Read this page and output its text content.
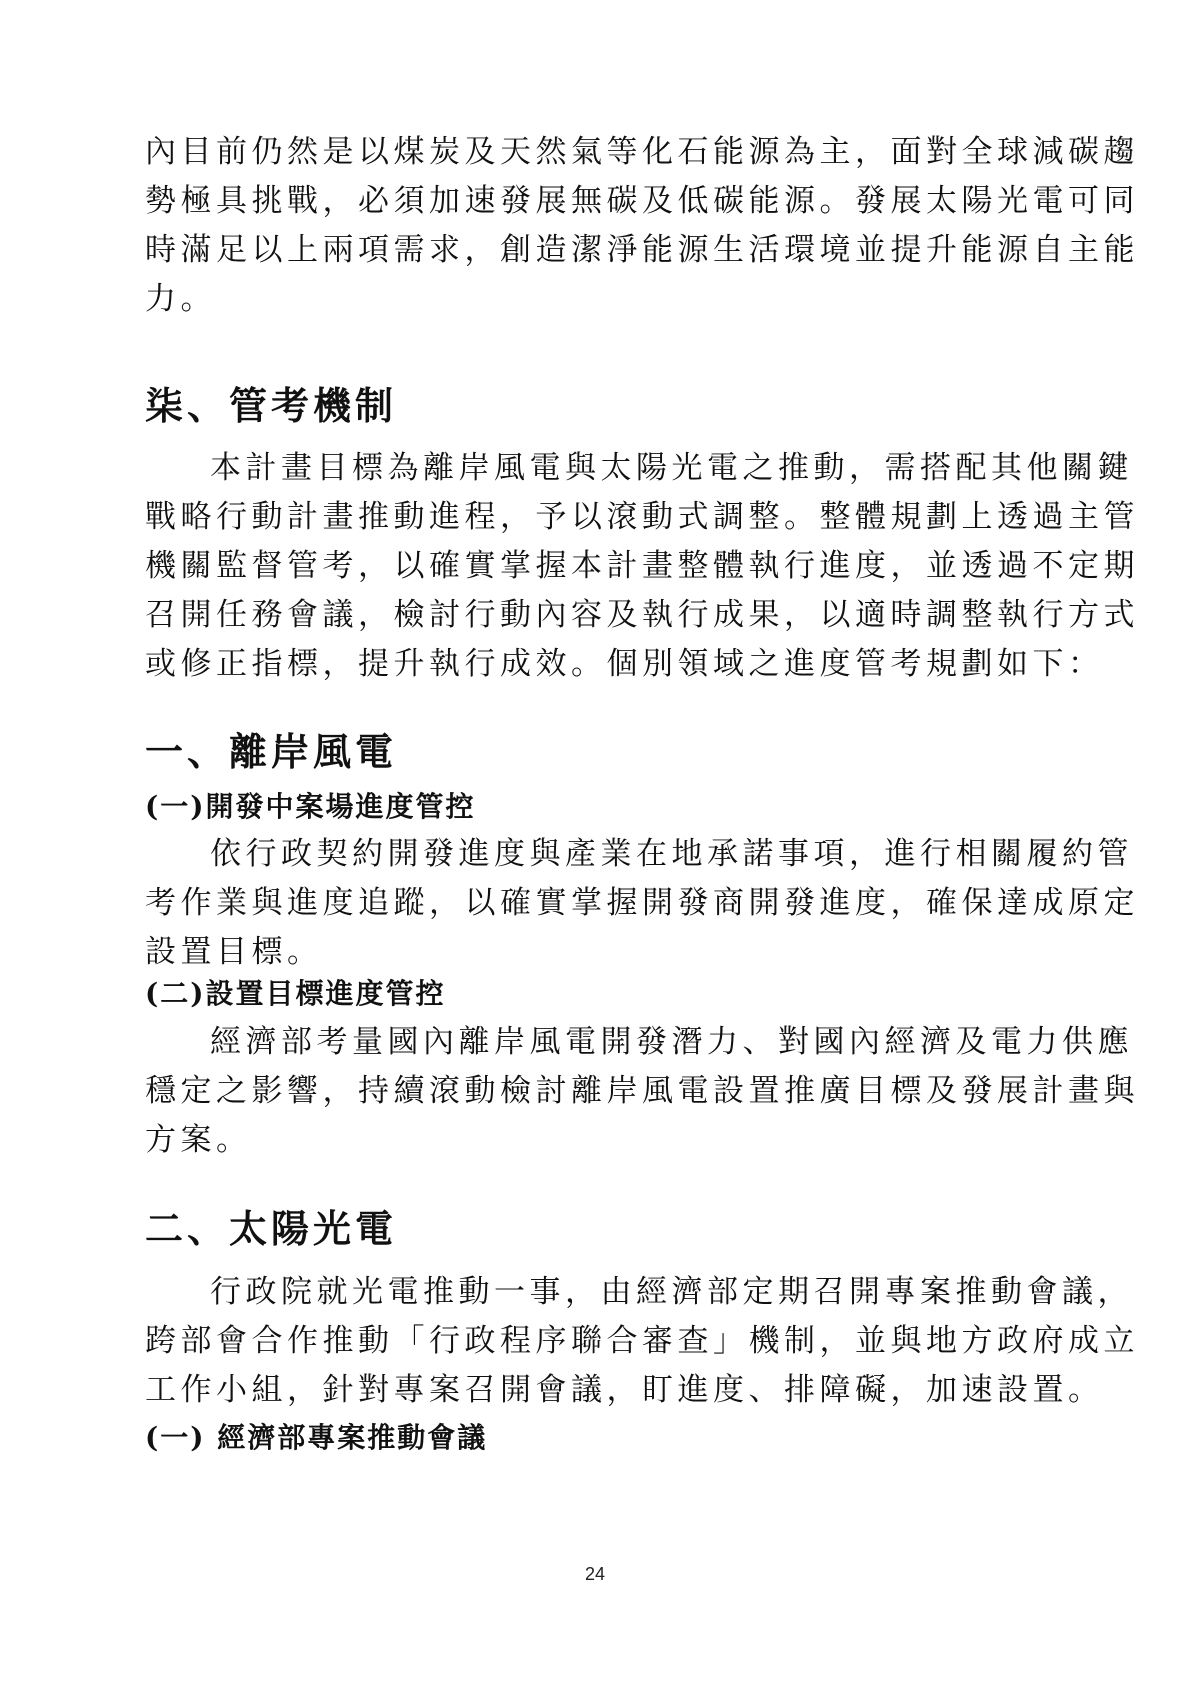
內目前仍然是以煤炭及天然氣等化石能源為主，面對全球減碳趨
勢極具挑戰，必須加速發展無碳及低碳能源。發展太陽光電可同
時滿足以上兩項需求，創造潔淨能源生活環境並提升能源自主能
力。
柒、管考機制
本計畫目標為離岸風電與太陽光電之推動，需搭配其他關鍵
戰略行動計畫推動進程，予以滾動式調整。整體規劃上透過主管
機關監督管考，以確實掌握本計畫整體執行進度，並透過不定期
召開任務會議，檢討行動內容及執行成果，以適時調整執行方式
或修正指標，提升執行成效。個別領域之進度管考規劃如下：
一、離岸風電
(一)開發中案場進度管控
依行政契約開發進度與產業在地承諾事項，進行相關履約管
考作業與進度追蹤，以確實掌握開發商開發進度，確保達成原定
設置目標。
(二)設置目標進度管控
經濟部考量國內離岸風電開發潛力、對國內經濟及電力供應
穩定之影響，持續滾動檢討離岸風電設置推廣目標及發展計畫與
方案。
二、太陽光電
行政院就光電推動一事，由經濟部定期召開專案推動會議，
跨部會合作推動「行政程序聯合審查」機制，並與地方政府成立
工作小組，針對專案召開會議，盯進度、排障礙，加速設置。
(一) 經濟部專案推動會議
24
